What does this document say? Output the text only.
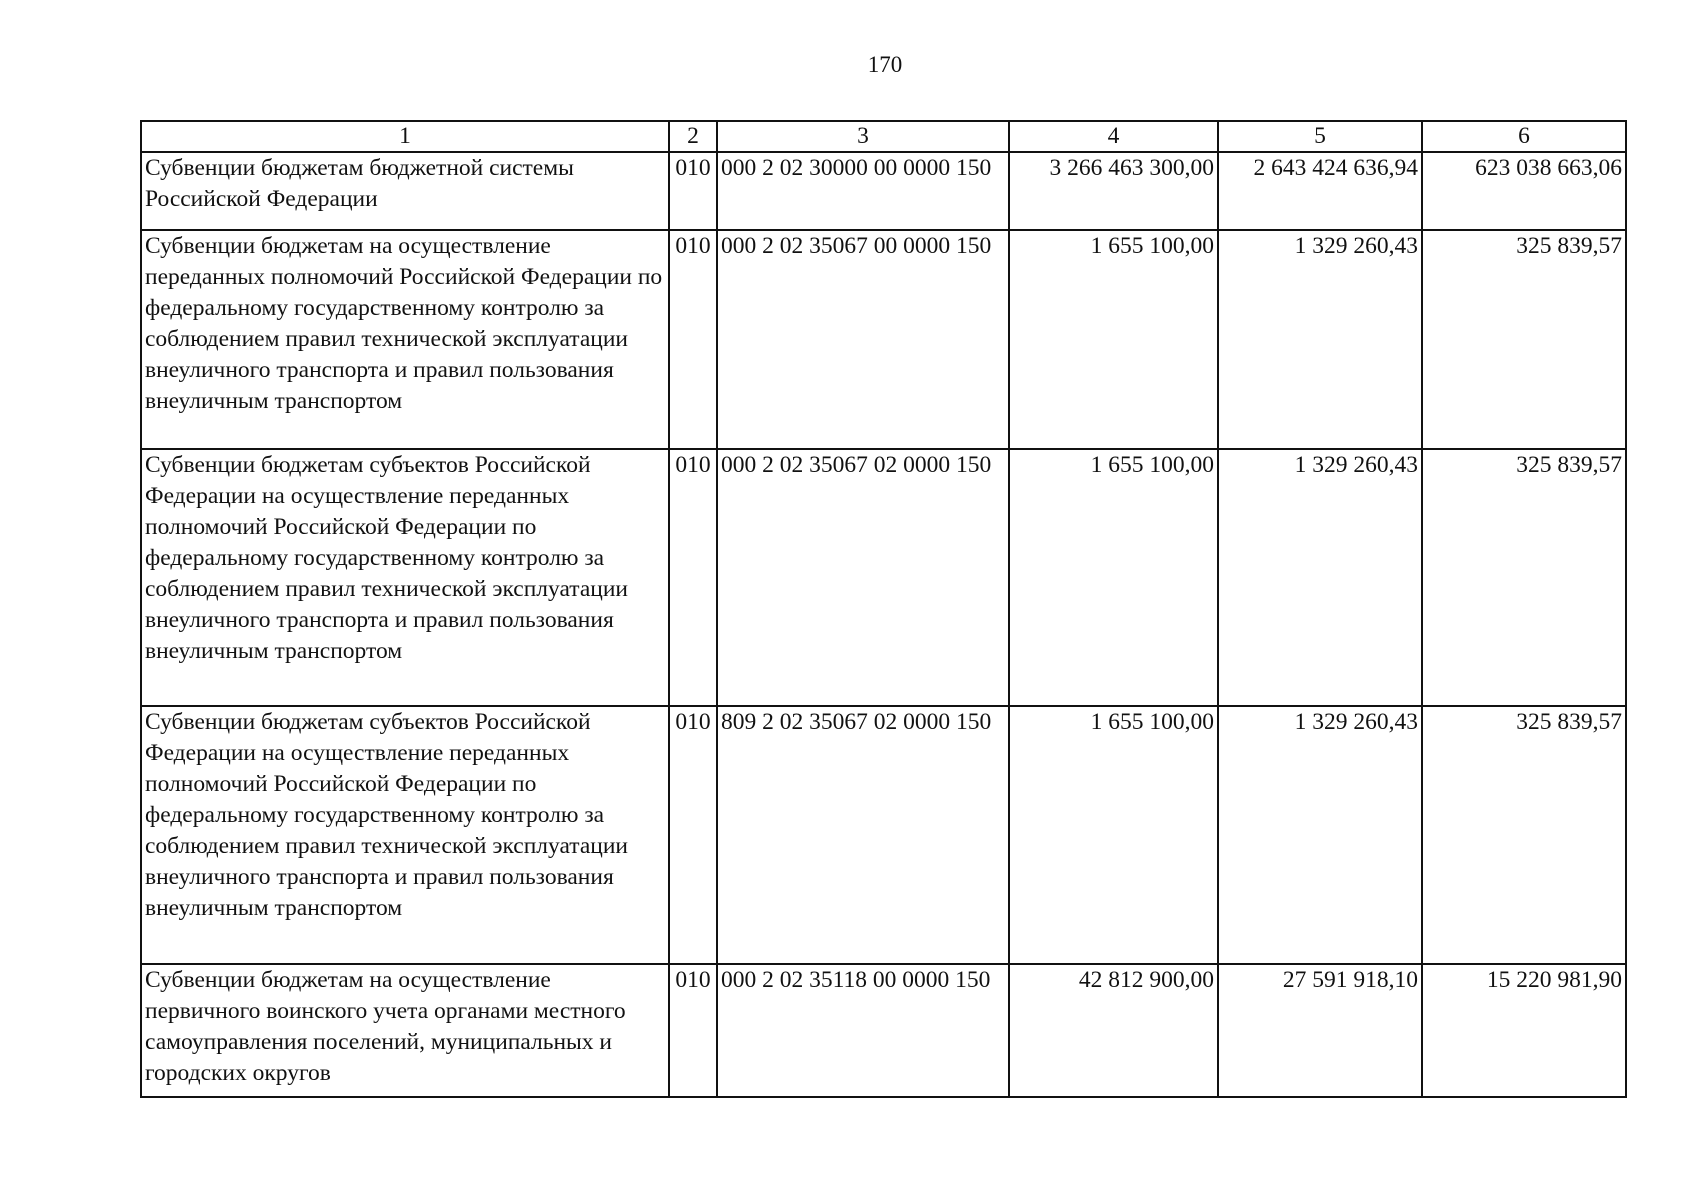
170
1	2	3	4	5	6
Субвенции бюджетам бюджетной системы Российской Федерации	010	000 2 02 30000 00 0000 150	3 266 463 300,00	2 643 424 636,94	623 038 663,06
Субвенции бюджетам на осуществление переданных полномочий Российской Федерации по федеральному государственному контролю за соблюдением правил технической эксплуатации внеуличного транспорта и правил пользования внеуличным транспортом	010	000 2 02 35067 00 0000 150	1 655 100,00	1 329 260,43	325 839,57
Субвенции бюджетам субъектов Российской Федерации на осуществление переданных полномочий Российской Федерации по федеральному государственному контролю за соблюдением правил технической эксплуатации внеуличного транспорта и правил пользования внеуличным транспортом	010	000 2 02 35067 02 0000 150	1 655 100,00	1 329 260,43	325 839,57
Субвенции бюджетам субъектов Российской Федерации на осуществление переданных полномочий Российской Федерации по федеральному государственному контролю за соблюдением правил технической эксплуатации внеуличного транспорта и правил пользования внеуличным транспортом	010	809 2 02 35067 02 0000 150	1 655 100,00	1 329 260,43	325 839,57
Субвенции бюджетам на осуществление первичного воинского учета органами местного самоуправления поселений, муниципальных и городских округов	010	000 2 02 35118 00 0000 150	42 812 900,00	27 591 918,10	15 220 981,90
